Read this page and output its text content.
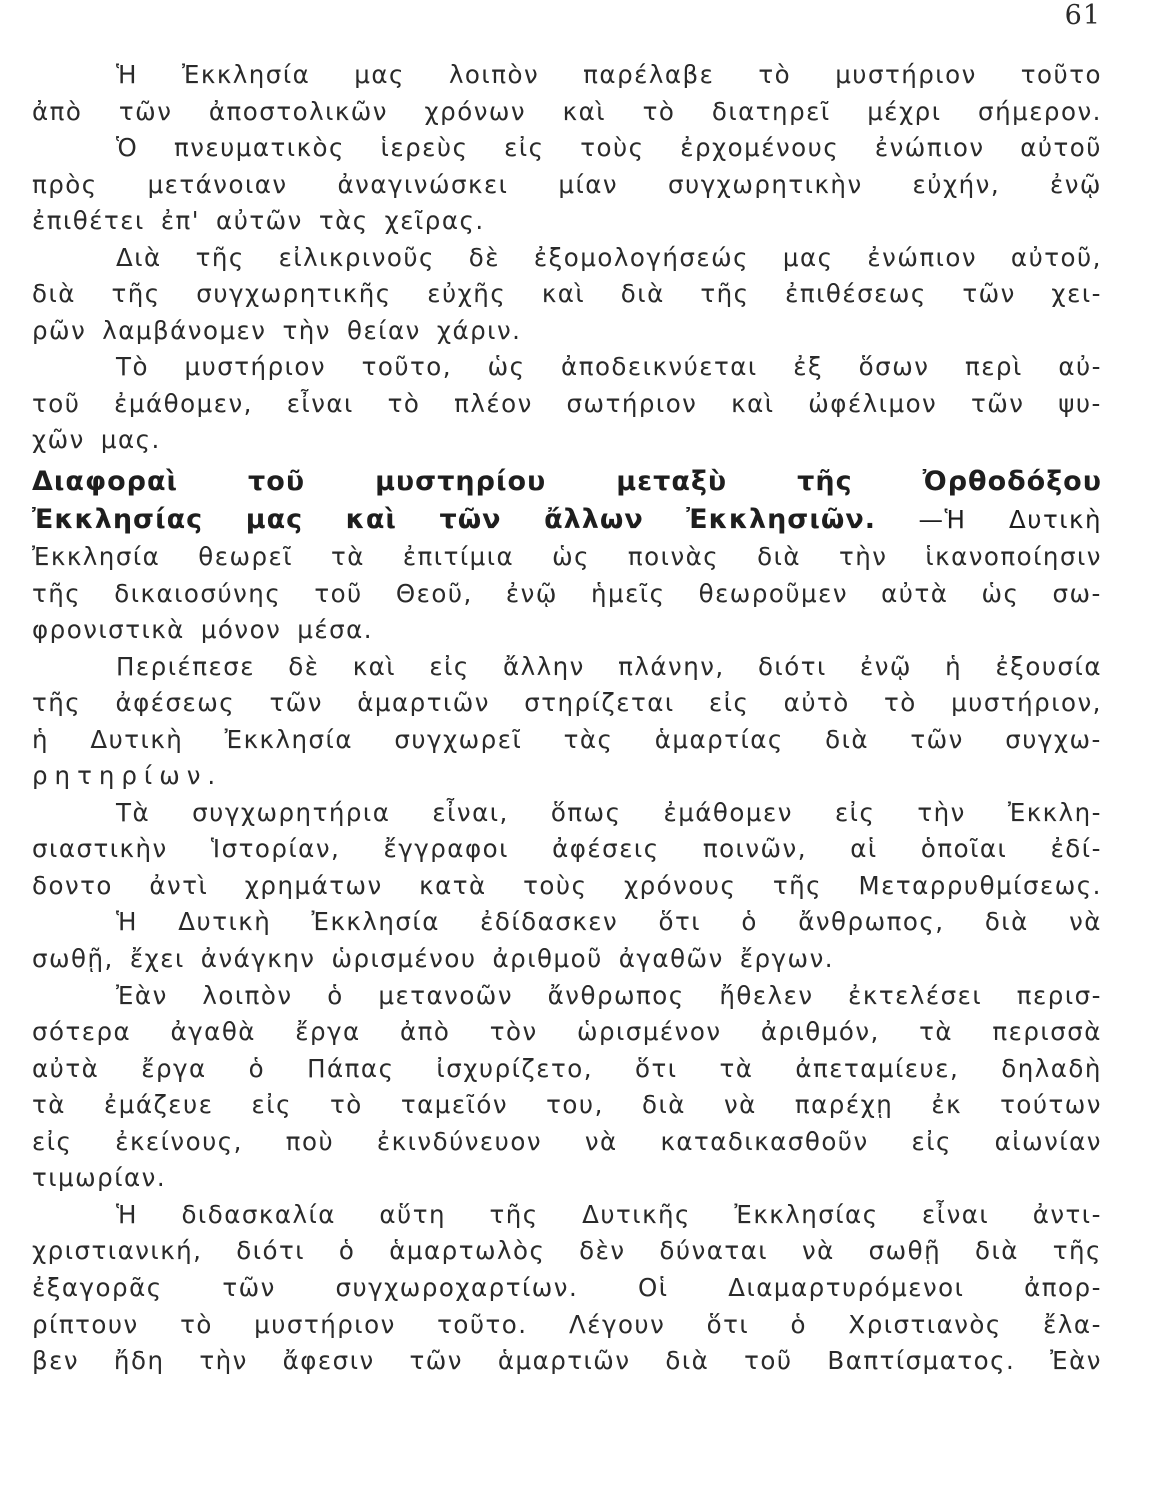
61
Ἡ Ἐκκλησία μας λοιπὸν παρέλαβε τὸ μυστήριον τοῦτο
ἀπὸ τῶν ἀποστολικῶν χρόνων καὶ τὸ διατηρεῖ μέχρι σήμερον.
Ὁ πνευματικὸς ἱερεὺς εἰς τοὺς ἐρχομένους ἐνώπιον αὐτοῦ
πρὸς μετάνοιαν ἀναγινώσκει μίαν συγχωρητικὴν εὐχήν, ἐνῷ
ἐπιθέτει ἐπ' αὐτῶν τὰς χεῖρας.
Διὰ τῆς εἰλικρινοῦς δὲ ἐξομολογήσεώς μας ἐνώπιον αὐτοῦ,
διὰ τῆς συγχωρητικῆς εὐχῆς καὶ διὰ τῆς ἐπιθέσεως τῶν χει-
ρῶν λαμβάνομεν τὴν θείαν χάριν.
Τὸ μυστήριον τοῦτο, ὡς ἀποδεικνύεται ἐξ ὅσων περὶ αὐ-
τοῦ ἐμάθομεν, εἶναι τὸ πλέον σωτήριον καὶ ὠφέλιμον τῶν ψυ-
χῶν μας.
Διαφοραὶ	τοῦ	μυστηρίου	μεταξὺ	τῆς	Ὀρθοδόξου
Ἐκκλησίας μας καὶ τῶν ἄλλων Ἐκκλησιῶν. —Ἡ Δυτικὴ
Ἐκκλησία θεωρεῖ τὰ ἐπιτίμια ὡς ποινὰς διὰ τὴν ἱκανοποίησιν
τῆς δικαιοσύνης τοῦ Θεοῦ, ἐνῷ ἡμεῖς θεωροῦμεν αὐτὰ ὡς σω-
φρονιστικὰ μόνον μέσα.
Περιέπεσε δὲ καὶ εἰς ἄλλην πλάνην, διότι ἐνῷ ἡ ἐξουσία
τῆς ἀφέσεως τῶν ἁμαρτιῶν στηρίζεται εἰς αὐτὸ τὸ μυστήριον,
ἡ Δυτικὴ Ἐκκλησία συγχωρεῖ τὰς ἁμαρτίας διὰ τῶν συγχω-
ρητηρίων.
Τὰ συγχωρητήρια εἶναι, ὅπως ἐμάθομεν εἰς τὴν Ἐκκλη-
σιαστικὴν Ἱστορίαν, ἔγγραφοι ἀφέσεις ποινῶν, αἱ ὁποῖαι ἐδί-
δοντο ἀντὶ χρημάτων κατὰ τοὺς χρόνους τῆς Μεταρρυθμίσεως.
Ἡ Δυτικὴ Ἐκκλησία ἐδίδασκεν ὅτι ὁ ἄνθρωπος, διὰ νὰ
σωθῇ, ἔχει ἀνάγκην ὡρισμένου ἀριθμοῦ ἀγαθῶν ἔργων.
Ἐὰν λοιπὸν ὁ μετανοῶν ἄνθρωπος ἤθελεν ἐκτελέσει περισ-
σότερα ἀγαθὰ ἔργα ἀπὸ τὸν ὡρισμένον ἀριθμόν, τὰ περισσὰ
αὐτὰ ἔργα ὁ Πάπας ἰσχυρίζετο, ὅτι τὰ ἀπεταμίευε, δηλαδὴ
τὰ ἐμάζευε εἰς τὸ ταμεῖόν του, διὰ νὰ παρέχῃ ἐκ τούτων
εἰς ἐκείνους, ποὺ ἐκινδύνευον νὰ καταδικασθοῦν εἰς αἰωνίαν
τιμωρίαν.
Ἡ διδασκαλία αὕτη τῆς Δυτικῆς Ἐκκλησίας εἶναι ἀντι-
χριστιανική, διότι ὁ ἁμαρτωλὸς δὲν δύναται νὰ σωθῇ διὰ τῆς
ἐξαγορᾶς τῶν συγχωροχαρτίων. Οἱ Διαμαρτυρόμενοι ἀπορ-
ρίπτουν τὸ μυστήριον τοῦτο. Λέγουν ὅτι ὁ Χριστιανὸς ἔλα-
βεν ἤδη τὴν ἄφεσιν τῶν ἁμαρτιῶν διὰ τοῦ Βαπτίσματος. Ἐὰν
